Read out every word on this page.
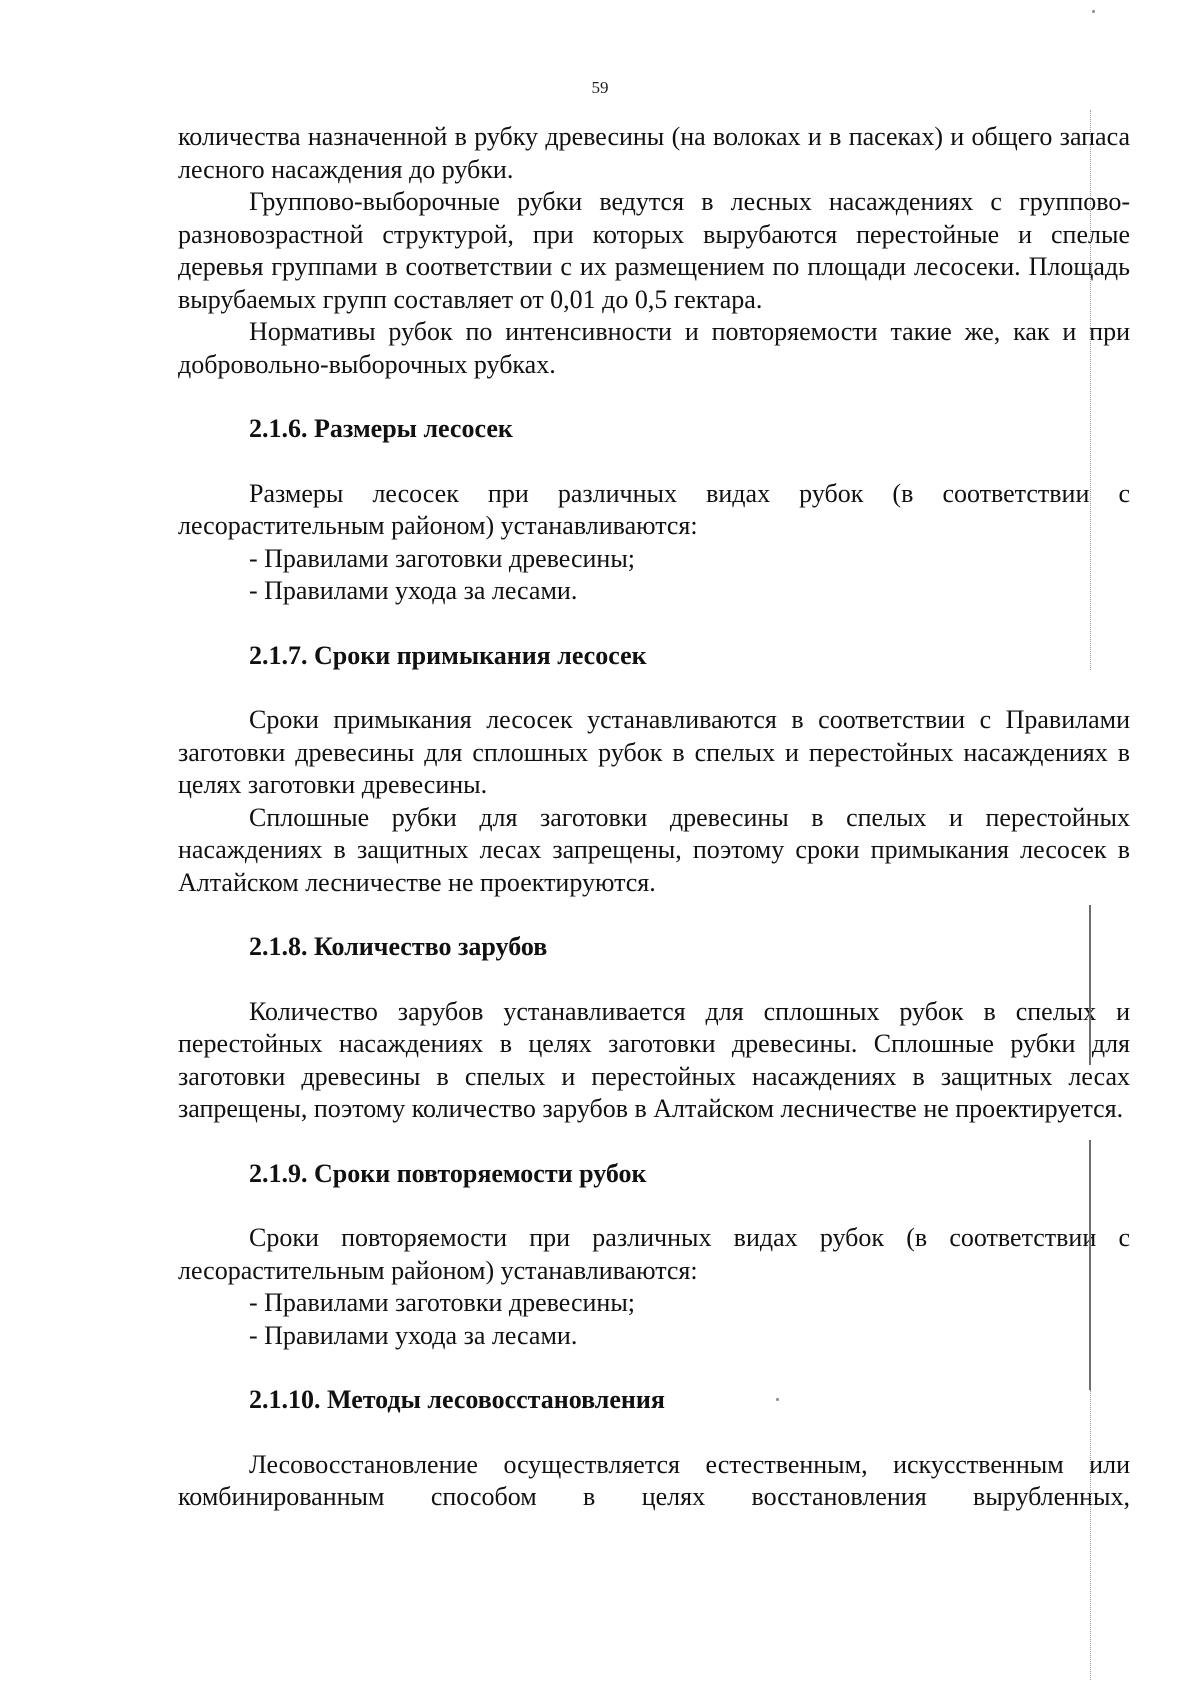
59

количества назначенной в рубку древесины (на волоках и в пасеках) и общего запаса лесного насаждения до рубки.

Группово-выборочные рубки ведутся в лесных насаждениях с группово-разновозрастной структурой, при которых вырубаются перестойные и спелые деревья группами в соответствии с их размещением по площади лесосеки. Площадь вырубаемых групп составляет от 0,01 до 0,5 гектара.

Нормативы рубок по интенсивности и повторяемости такие же, как и при добровольно-выборочных рубках.

2.1.6. Размеры лесосек

Размеры лесосек при различных видах рубок (в соответствии с лесорастительным районом) устанавливаются:

- Правилами заготовки древесины;

- Правилами ухода за лесами.

2.1.7. Сроки примыкания лесосек

Сроки примыкания лесосек устанавливаются в соответствии с Правилами заготовки древесины для сплошных рубок в спелых и перестойных насаждениях в целях заготовки древесины.

Сплошные рубки для заготовки древесины в спелых и перестойных насаждениях в защитных лесах запрещены, поэтому сроки примыкания лесосек в Алтайском лесничестве не проектируются.

2.1.8. Количество зарубов

Количество зарубов устанавливается для сплошных рубок в спелых и перестойных насаждениях в целях заготовки древесины. Сплошные рубки для заготовки древесины в спелых и перестойных насаждениях в защитных лесах запрещены, поэтому количество зарубов в Алтайском лесничестве не проектируется.

2.1.9. Сроки повторяемости рубок

Сроки повторяемости при различных видах рубок (в соответствии с лесорастительным районом) устанавливаются:

- Правилами заготовки древесины;

- Правилами ухода за лесами.

2.1.10. Методы лесовосстановления

Лесовосстановление осуществляется естественным, искусственным или комбинированным способом в целях восстановления вырубленных,
